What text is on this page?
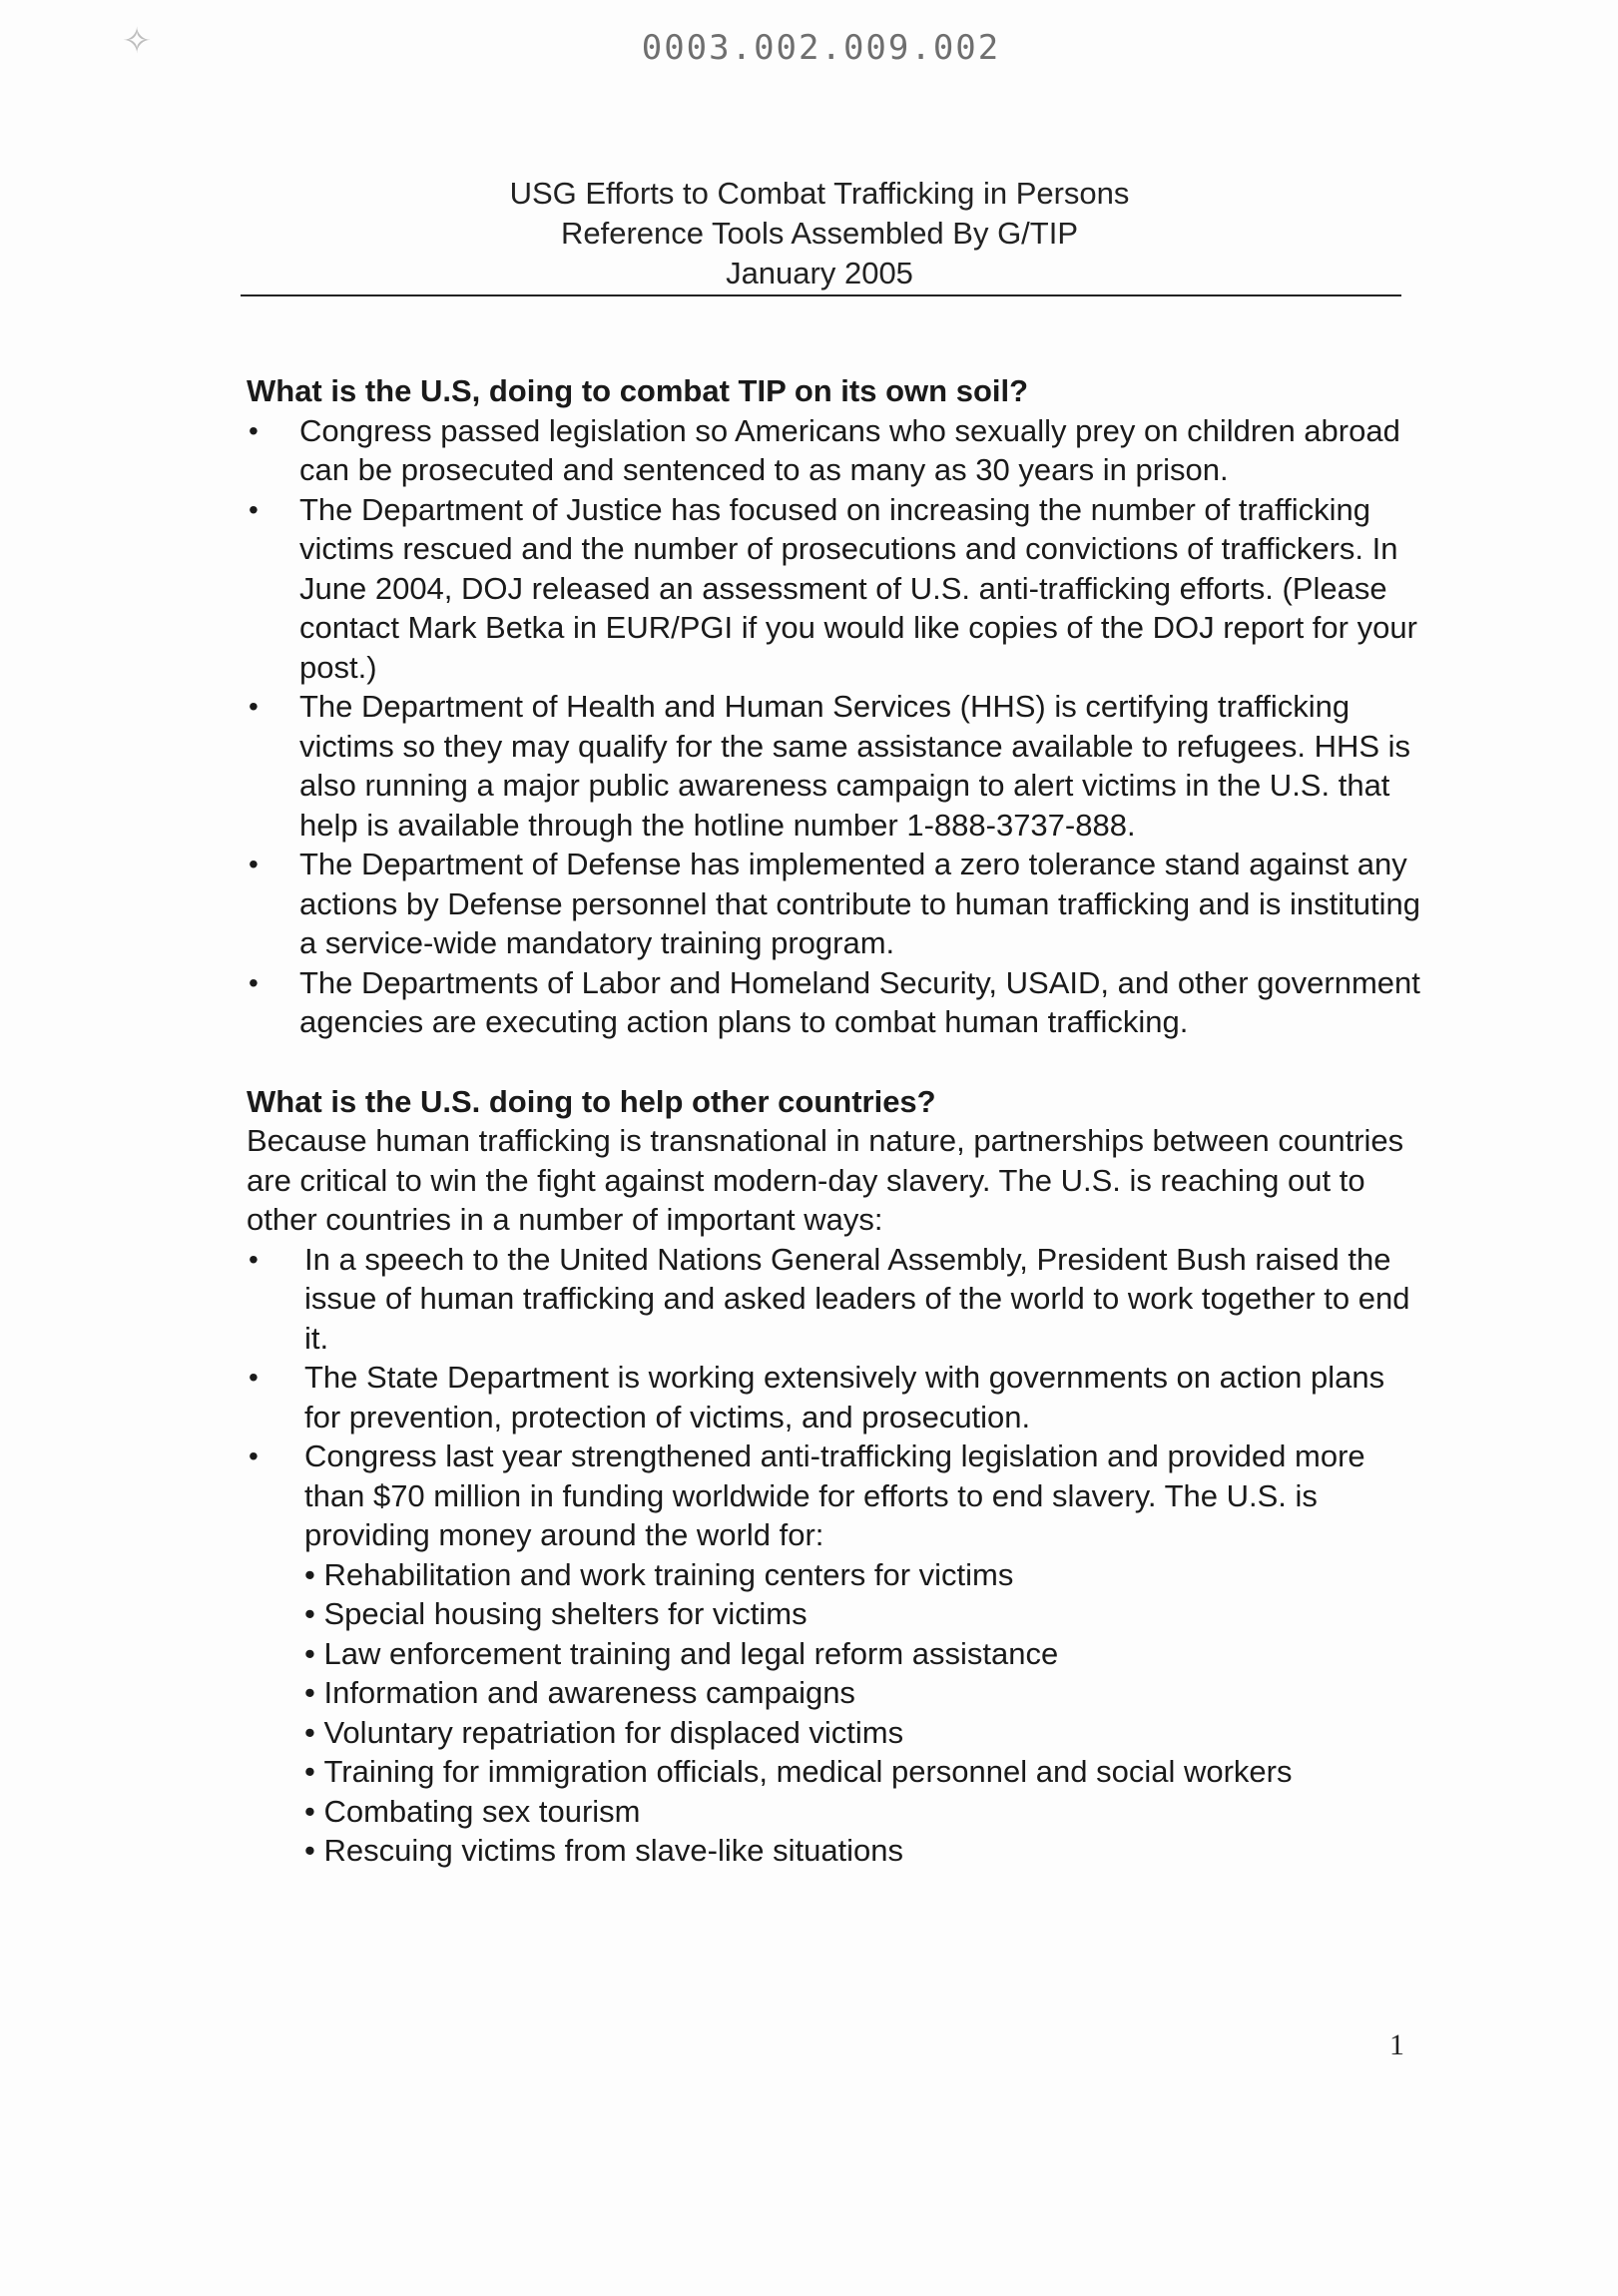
✧	0003.002.009.002
USG Efforts to Combat Trafficking in Persons
Reference Tools Assembled By G/TIP
January 2005

What is the U.S, doing to combat TIP on its own soil?

• Congress passed legislation so Americans who sexually prey on children abroad can be prosecuted and sentenced to as many as 30 years in prison.
• The Department of Justice has focused on increasing the number of trafficking victims rescued and the number of prosecutions and convictions of traffickers. In June 2004, DOJ released an assessment of U.S. anti-trafficking efforts. (Please contact Mark Betka in EUR/PGI if you would like copies of the DOJ report for your post.)
• The Department of Health and Human Services (HHS) is certifying trafficking victims so they may qualify for the same assistance available to refugees. HHS is also running a major public awareness campaign to alert victims in the U.S. that help is available through the hotline number 1-888-3737-888.
• The Department of Defense has implemented a zero tolerance stand against any actions by Defense personnel that contribute to human trafficking and is instituting a service-wide mandatory training program.
• The Departments of Labor and Homeland Security, USAID, and other government agencies are executing action plans to combat human trafficking.

What is the U.S. doing to help other countries?

Because human trafficking is transnational in nature, partnerships between countries are critical to win the fight against modern-day slavery. The U.S. is reaching out to other countries in a number of important ways:

• In a speech to the United Nations General Assembly, President Bush raised the issue of human trafficking and asked leaders of the world to work together to end it.
• The State Department is working extensively with governments on action plans for prevention, protection of victims, and prosecution.
• Congress last year strengthened anti-trafficking legislation and provided more than $70 million in funding worldwide for efforts to end slavery. The U.S. is providing money around the world for:
• Rehabilitation and work training centers for victims
• Special housing shelters for victims
• Law enforcement training and legal reform assistance
• Information and awareness campaigns
• Voluntary repatriation for displaced victims
• Training for immigration officials, medical personnel and social workers
• Combating sex tourism
• Rescuing victims from slave-like situations
1
